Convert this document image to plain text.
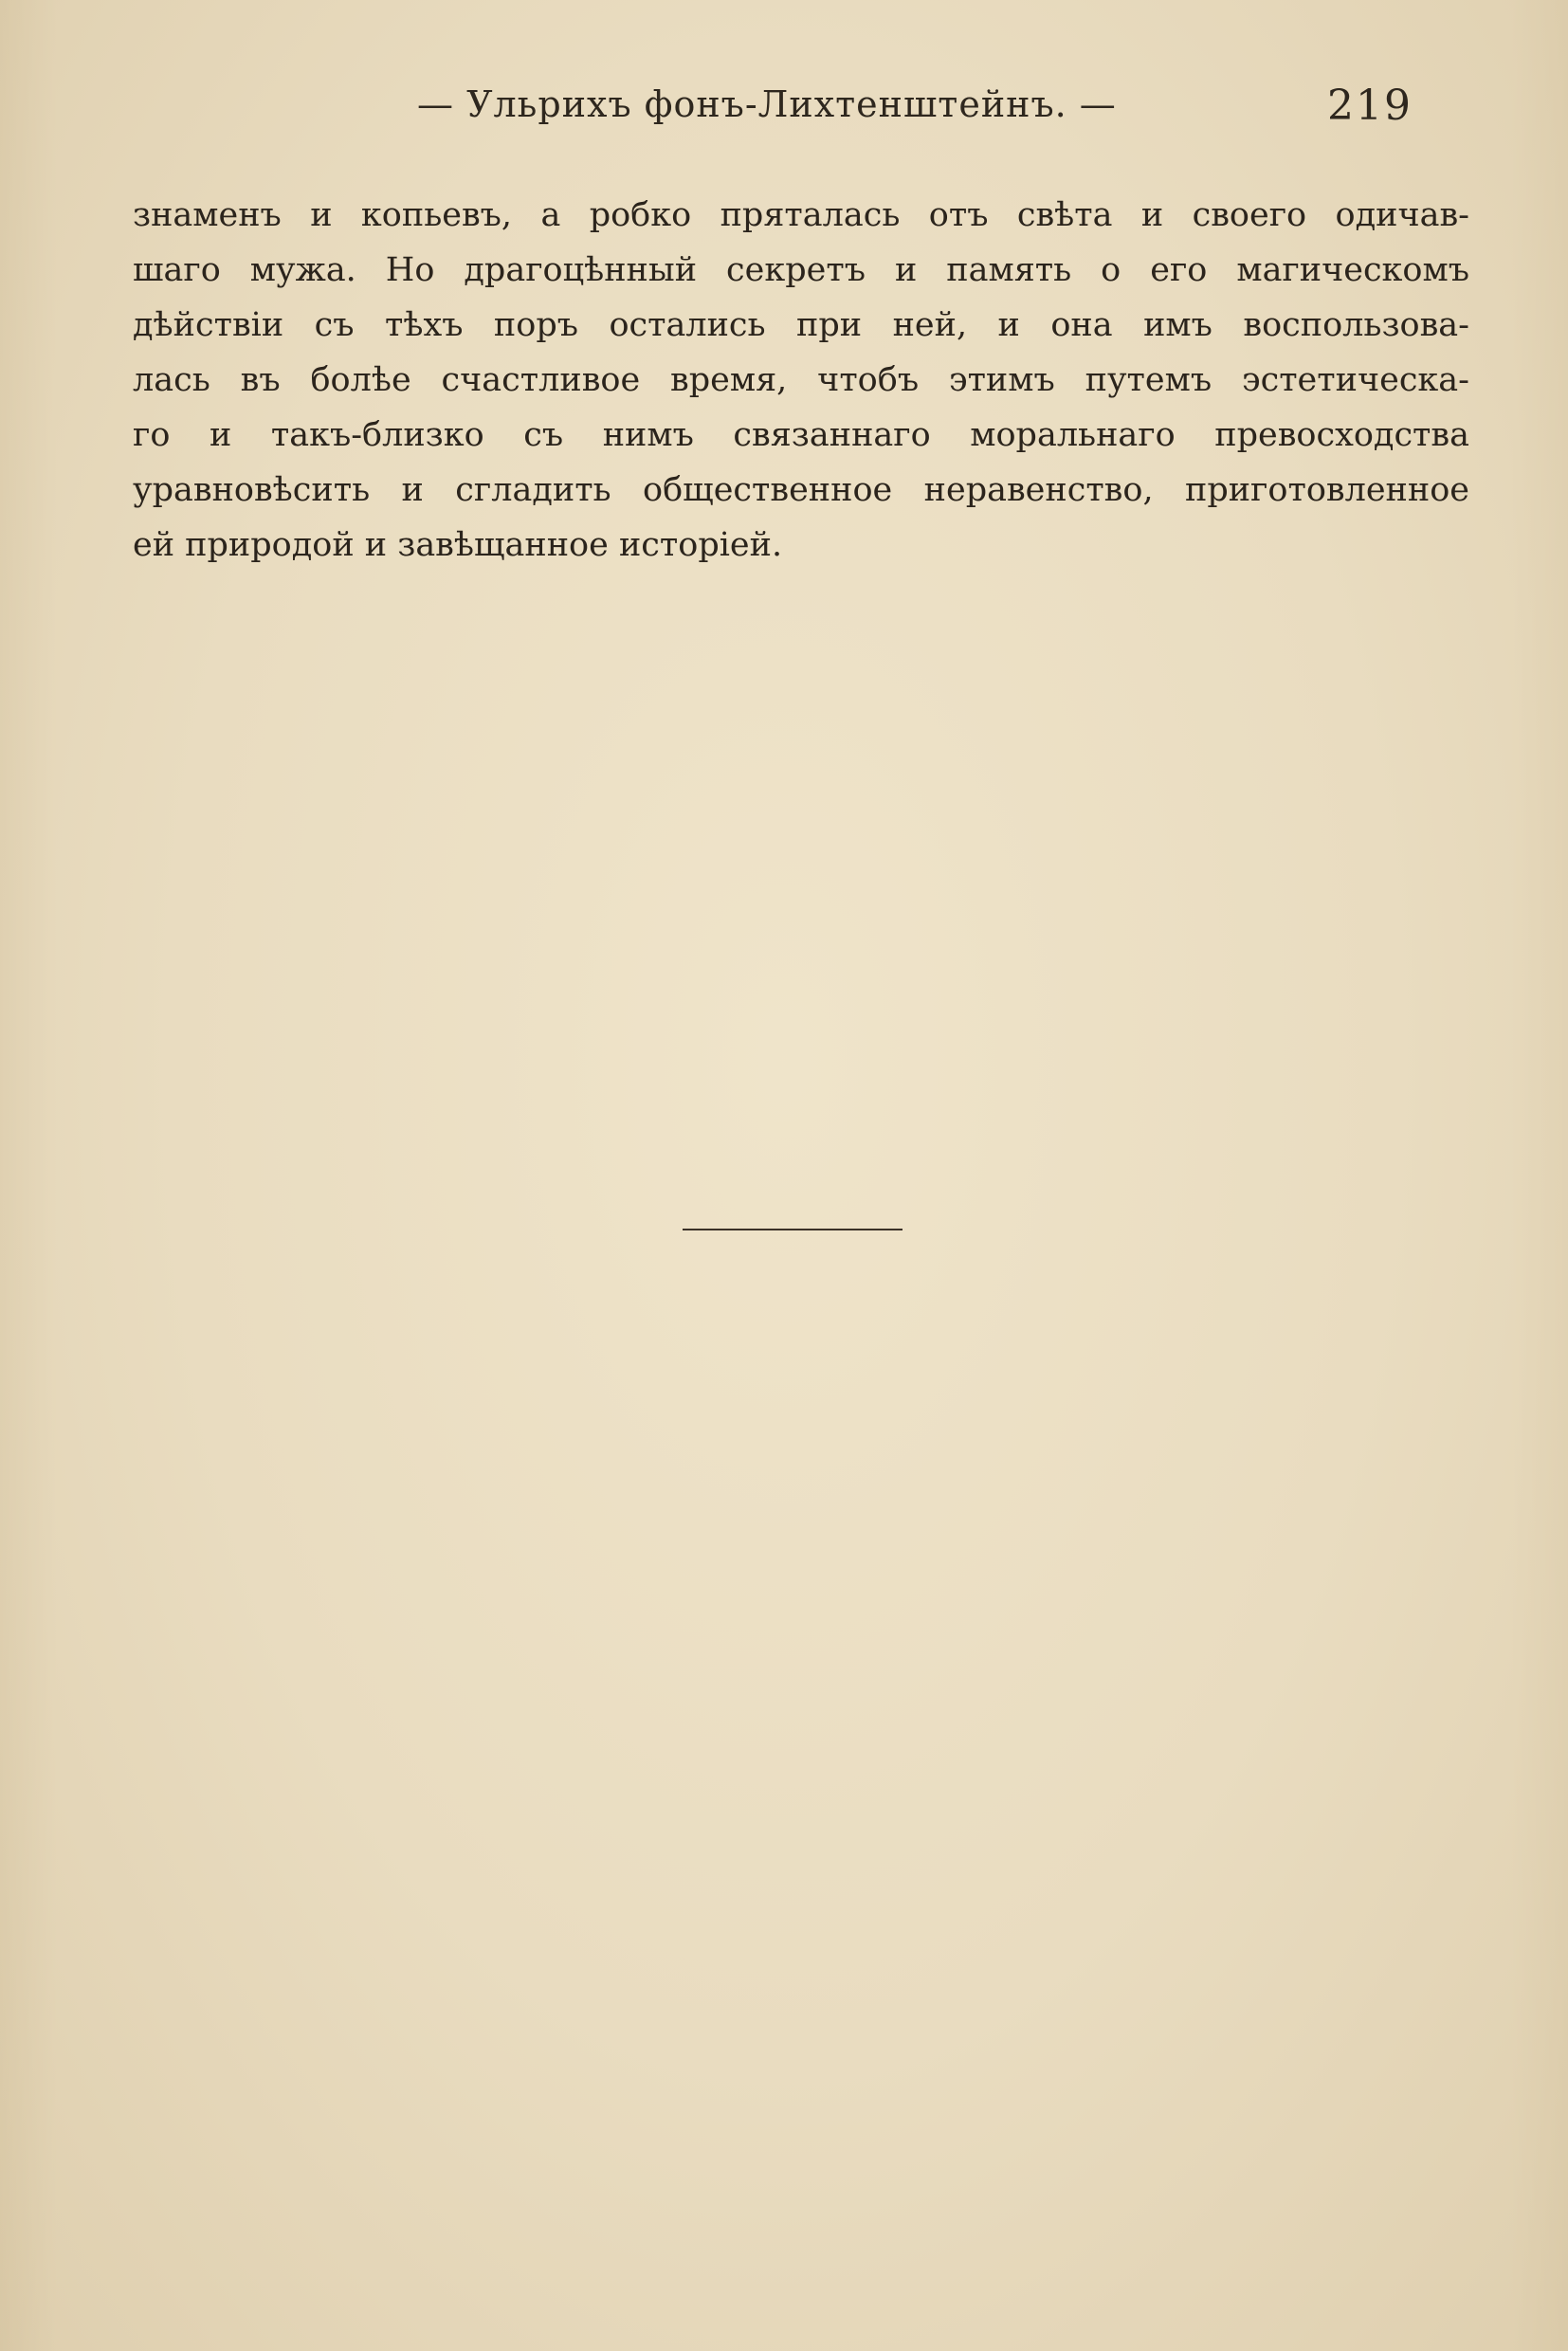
— Ульрихъ фонъ-Лихтенштейнъ. —	219
знаменъ и копьевъ, а робко пряталась отъ свѣта и своего одичав-
шаго мужа. Но драгоцѣнный секретъ и память о его магическомъ
дѣйствіи съ тѣхъ поръ остались при ней, и она имъ воспользова-
лась въ болѣе счастливое время, чтобъ этимъ путемъ эстетическа-
го и такъ-близко съ нимъ связаннаго моральнаго превосходства
уравновѣсить и сгладить общественное неравенство, приготовленное
ей природой и завѣщанное исторіей.
